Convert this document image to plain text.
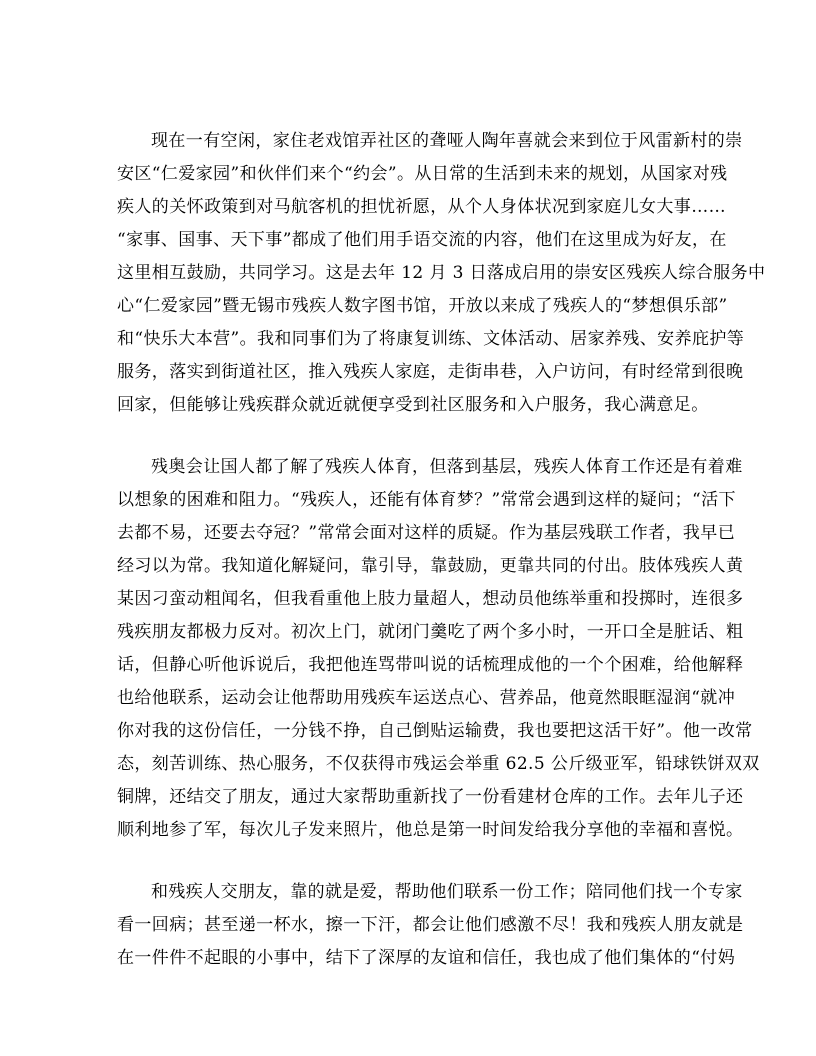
现在一有空闲，家住老戏馆弄社区的聋哑人陶年喜就会来到位于风雷新村的崇
安区“仁爱家园”和伙伴们来个“约会”。从日常的生活到未来的规划，从国家对残
疾人的关怀政策到对马航客机的担忧祈愿，从个人身体状况到家庭儿女大事……
“家事、国事、天下事”都成了他们用手语交流的内容，他们在这里成为好友，在
这里相互鼓励，共同学习。这是去年 12 月 3 日落成启用的崇安区残疾人综合服务中
心“仁爱家园”暨无锡市残疾人数字图书馆，开放以来成了残疾人的“梦想俱乐部”
和“快乐大本营”。我和同事们为了将康复训练、文体活动、居家养残、安养庇护等
服务，落实到街道社区，推入残疾人家庭，走街串巷，入户访问，有时经常到很晚
回家，但能够让残疾群众就近就便享受到社区服务和入户服务，我心满意足。
残奥会让国人都了解了残疾人体育，但落到基层，残疾人体育工作还是有着难
以想象的困难和阻力。“残疾人，还能有体育梦？”常常会遇到这样的疑问；“活下
去都不易，还要去夺冠？”常常会面对这样的质疑。作为基层残联工作者，我早已
经习以为常。我知道化解疑问，靠引导，靠鼓励，更靠共同的付出。肢体残疾人黄
某因刁蛮动粗闻名，但我看重他上肢力量超人，想动员他练举重和投掷时，连很多
残疾朋友都极力反对。初次上门，就闭门羹吃了两个多小时，一开口全是脏话、粗
话，但静心听他诉说后，我把他连骂带叫说的话梳理成他的一个个困难，给他解释
也给他联系，运动会让他帮助用残疾车运送点心、营养品，他竟然眼眶湿润“就冲
你对我的这份信任，一分钱不挣，自己倒贴运输费，我也要把这活干好”。他一改常
态，刻苦训练、热心服务，不仅获得市残运会举重 62.5 公斤级亚军，铅球铁饼双双
铜牌，还结交了朋友，通过大家帮助重新找了一份看建材仓库的工作。去年儿子还
顺利地参了军，每次儿子发来照片，他总是第一时间发给我分享他的幸福和喜悦。
和残疾人交朋友，靠的就是爱，帮助他们联系一份工作；陪同他们找一个专家
看一回病；甚至递一杯水，擦一下汗，都会让他们感激不尽！我和残疾人朋友就是
在一件件不起眼的小事中，结下了深厚的友谊和信任，我也成了他们集体的“付妈
